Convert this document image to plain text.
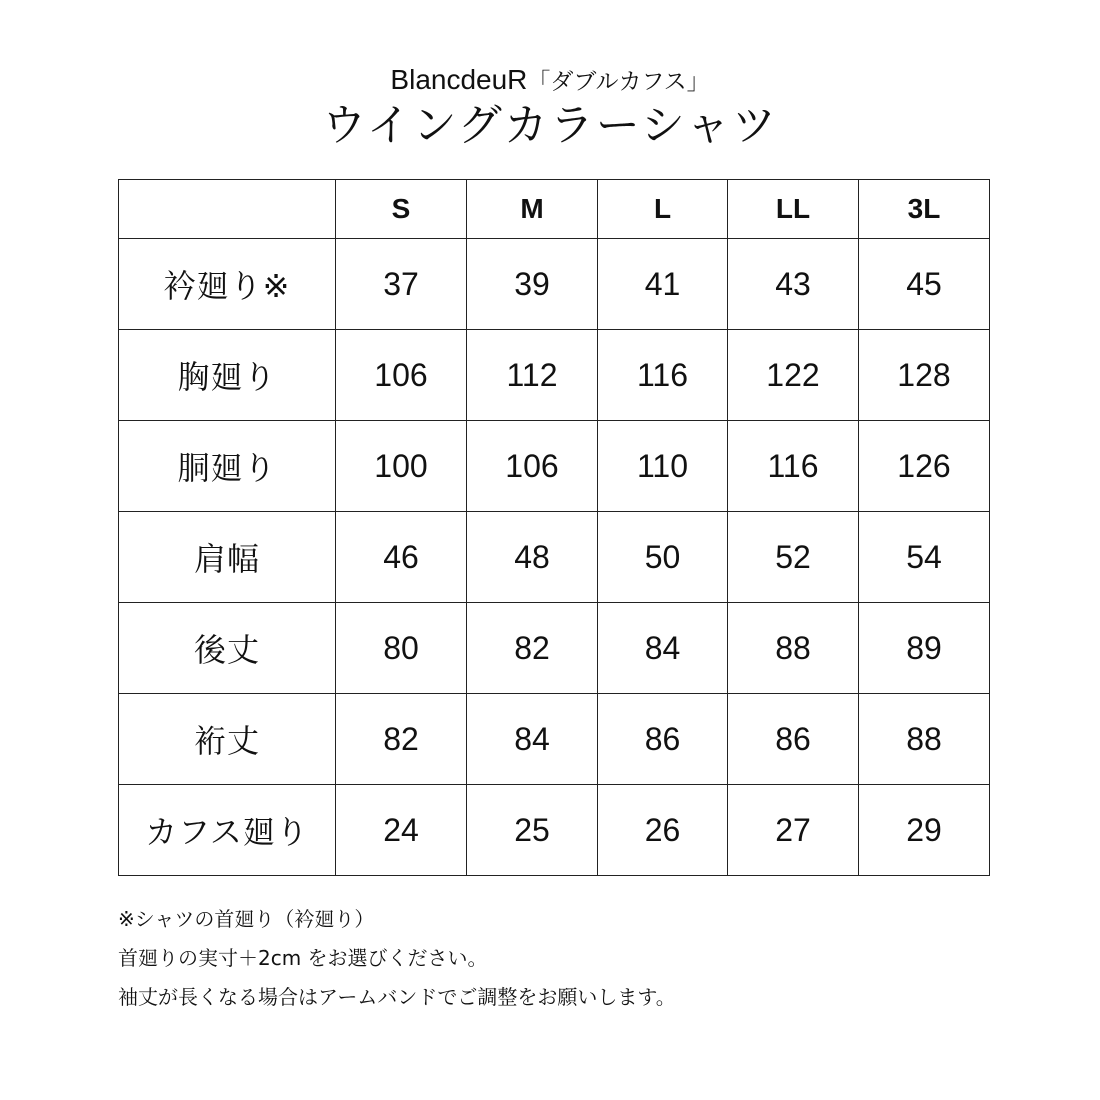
BlancdeuR「ダブルカフス」
ウイングカラーシャツ
	S	M	L	LL	3L
衿廻り※	37	39	41	43	45
胸廻り	106	112	116	122	128
胴廻り	100	106	110	116	126
肩幅	46	48	50	52	54
後丈	80	82	84	88	89
裄丈	82	84	86	86	88
カフス廻り	24	25	26	27	29
※シャツの首廻り（衿廻り）
首廻りの実寸＋2cm をお選びください。
袖丈が長くなる場合はアームバンドでご調整をお願いします。
